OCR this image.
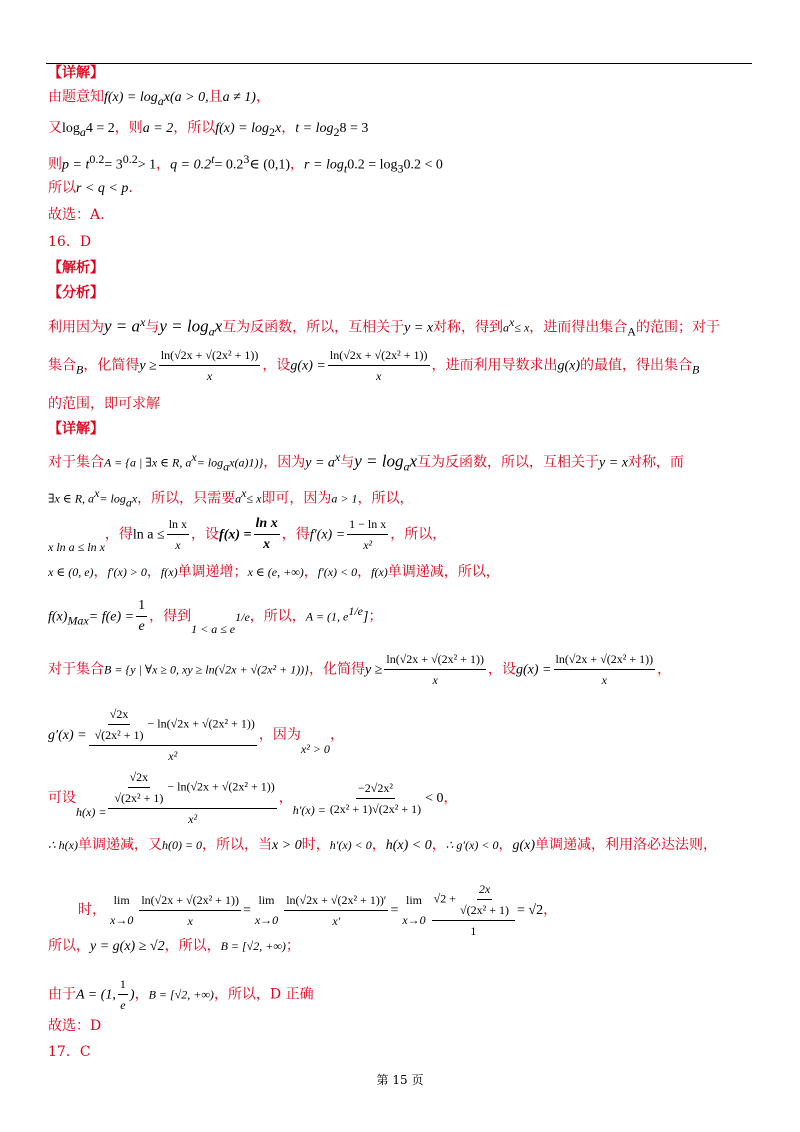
【详解】
由题意知$f(x) = \log_ax(a > 0$,且a ≠ 1)，
又$\log_a4 = 2$，则a = 2，所以$f(x) = \log_2x$，$t = \log_28 = 3$
则$p = t^{0.2}= 3^{0.2}> 1$，$q = 0.2^t=$ $0.2^3\in$ (0,1)，$r = \log_t0.2 = \log_30.2 < 0$
所以r < q < p.
故选：A.
16．D
【解析】
【分析】
利用因为$y = a^x$与$y = \log_ax$互为反函数，所以，互相关于y = x对称，得到$a^x\le x$，进而得出集合$_A$的范围；对于
集合$_B$，化简得$y \ge \frac{\text{ln(√2x + √(2x² + 1))}}{x}$ ，设$g(x) = \frac{\text{ln(√2x + √(2x² + 1))}}{x}$ ，进而利用导数求出g(x)的最值，得出集合$_B$
的范围，即可求解
【详解】
对于集合A = {a | ∃x ∈ R, $a^x= \log_ax(a)1$)}，因为$y = a^x$与$y = \log_ax$互为反函数，所以，互相关于y = x对称，而
∃x ∈ R, $a^x= \log_ax$，所以，只需要$a^x\le x$即可，因为a > 1，所以，
x ln a ≤ ln x，得$\ln a \le \frac{\text{ln x}}{x}$ ，设$f(x) = \frac{\text{ln x}}{x}$ ，得$f'(x) = \frac{\text{1 − ln x}}{\text{x²}}$ ，所以，
x ∈ (0, e)，f′(x) > 0，f(x)单调递增；x ∈ (e, +∞)，f′(x) < 0，f(x)单调递减，所以，
$f(x)_{Max}= f(e) = \frac{1}{e}$ ，得到$1 < a \le e^{1/e}$，所以，A = (1, $e^{1/e}$]；
对于集合B = {y | ∀x ≥ 0, xy ≥ ln(√2x + √(2x² + 1))}，化简得$y \ge \frac{\text{ln(√2x + √(2x² + 1))}}{x}$ ，设$g(x) = \frac{\text{ln(√2x + √(2x² + 1))}}{x}$ ，
$g'(x) = \frac{\frac{√2x}{\text{√(2x² + 1)}} - \ln(√2x + √(2x^2 + 1))}{\text{x²}}$ ，因为x² > 0，
可设$h(x) = \frac{\frac{√2x}{\text{√(2x² + 1)}} - \ln(√2x + √(2x^2 + 1))}{\text{x²}}$ ，$h'(x) = \frac{\text{−2√2x²}}{\text{(2x² + 1)√(2x² + 1)}} < 0$，
∴ h(x)单调递减，又h(0) = 0，所以，当x > 0时，h′(x) < 0，h(x) < 0，∴ g′(x) < 0，g(x)单调递减，利用洛必达法则，
时，
lim
$x\to 0 \frac{\text{ln(√2x + √(2x² + 1))}}{x}$ =
lim
$x\to 0 \frac{\text{ln(√2x + √(2x² + 1))′}}{x'}$ =
lim
$x\to 0 \frac{√2 + \frac{2x}{\text{√(2x² + 1)}}}{1} = √2$，
所以，y = g(x) ≥ √2，所以，B = [√2, +∞)；
由于A = (1, $\frac{1}{e}$ )，B = [√2, +∞)，所以，D 正确
故选：D
17．C
第 15 页
